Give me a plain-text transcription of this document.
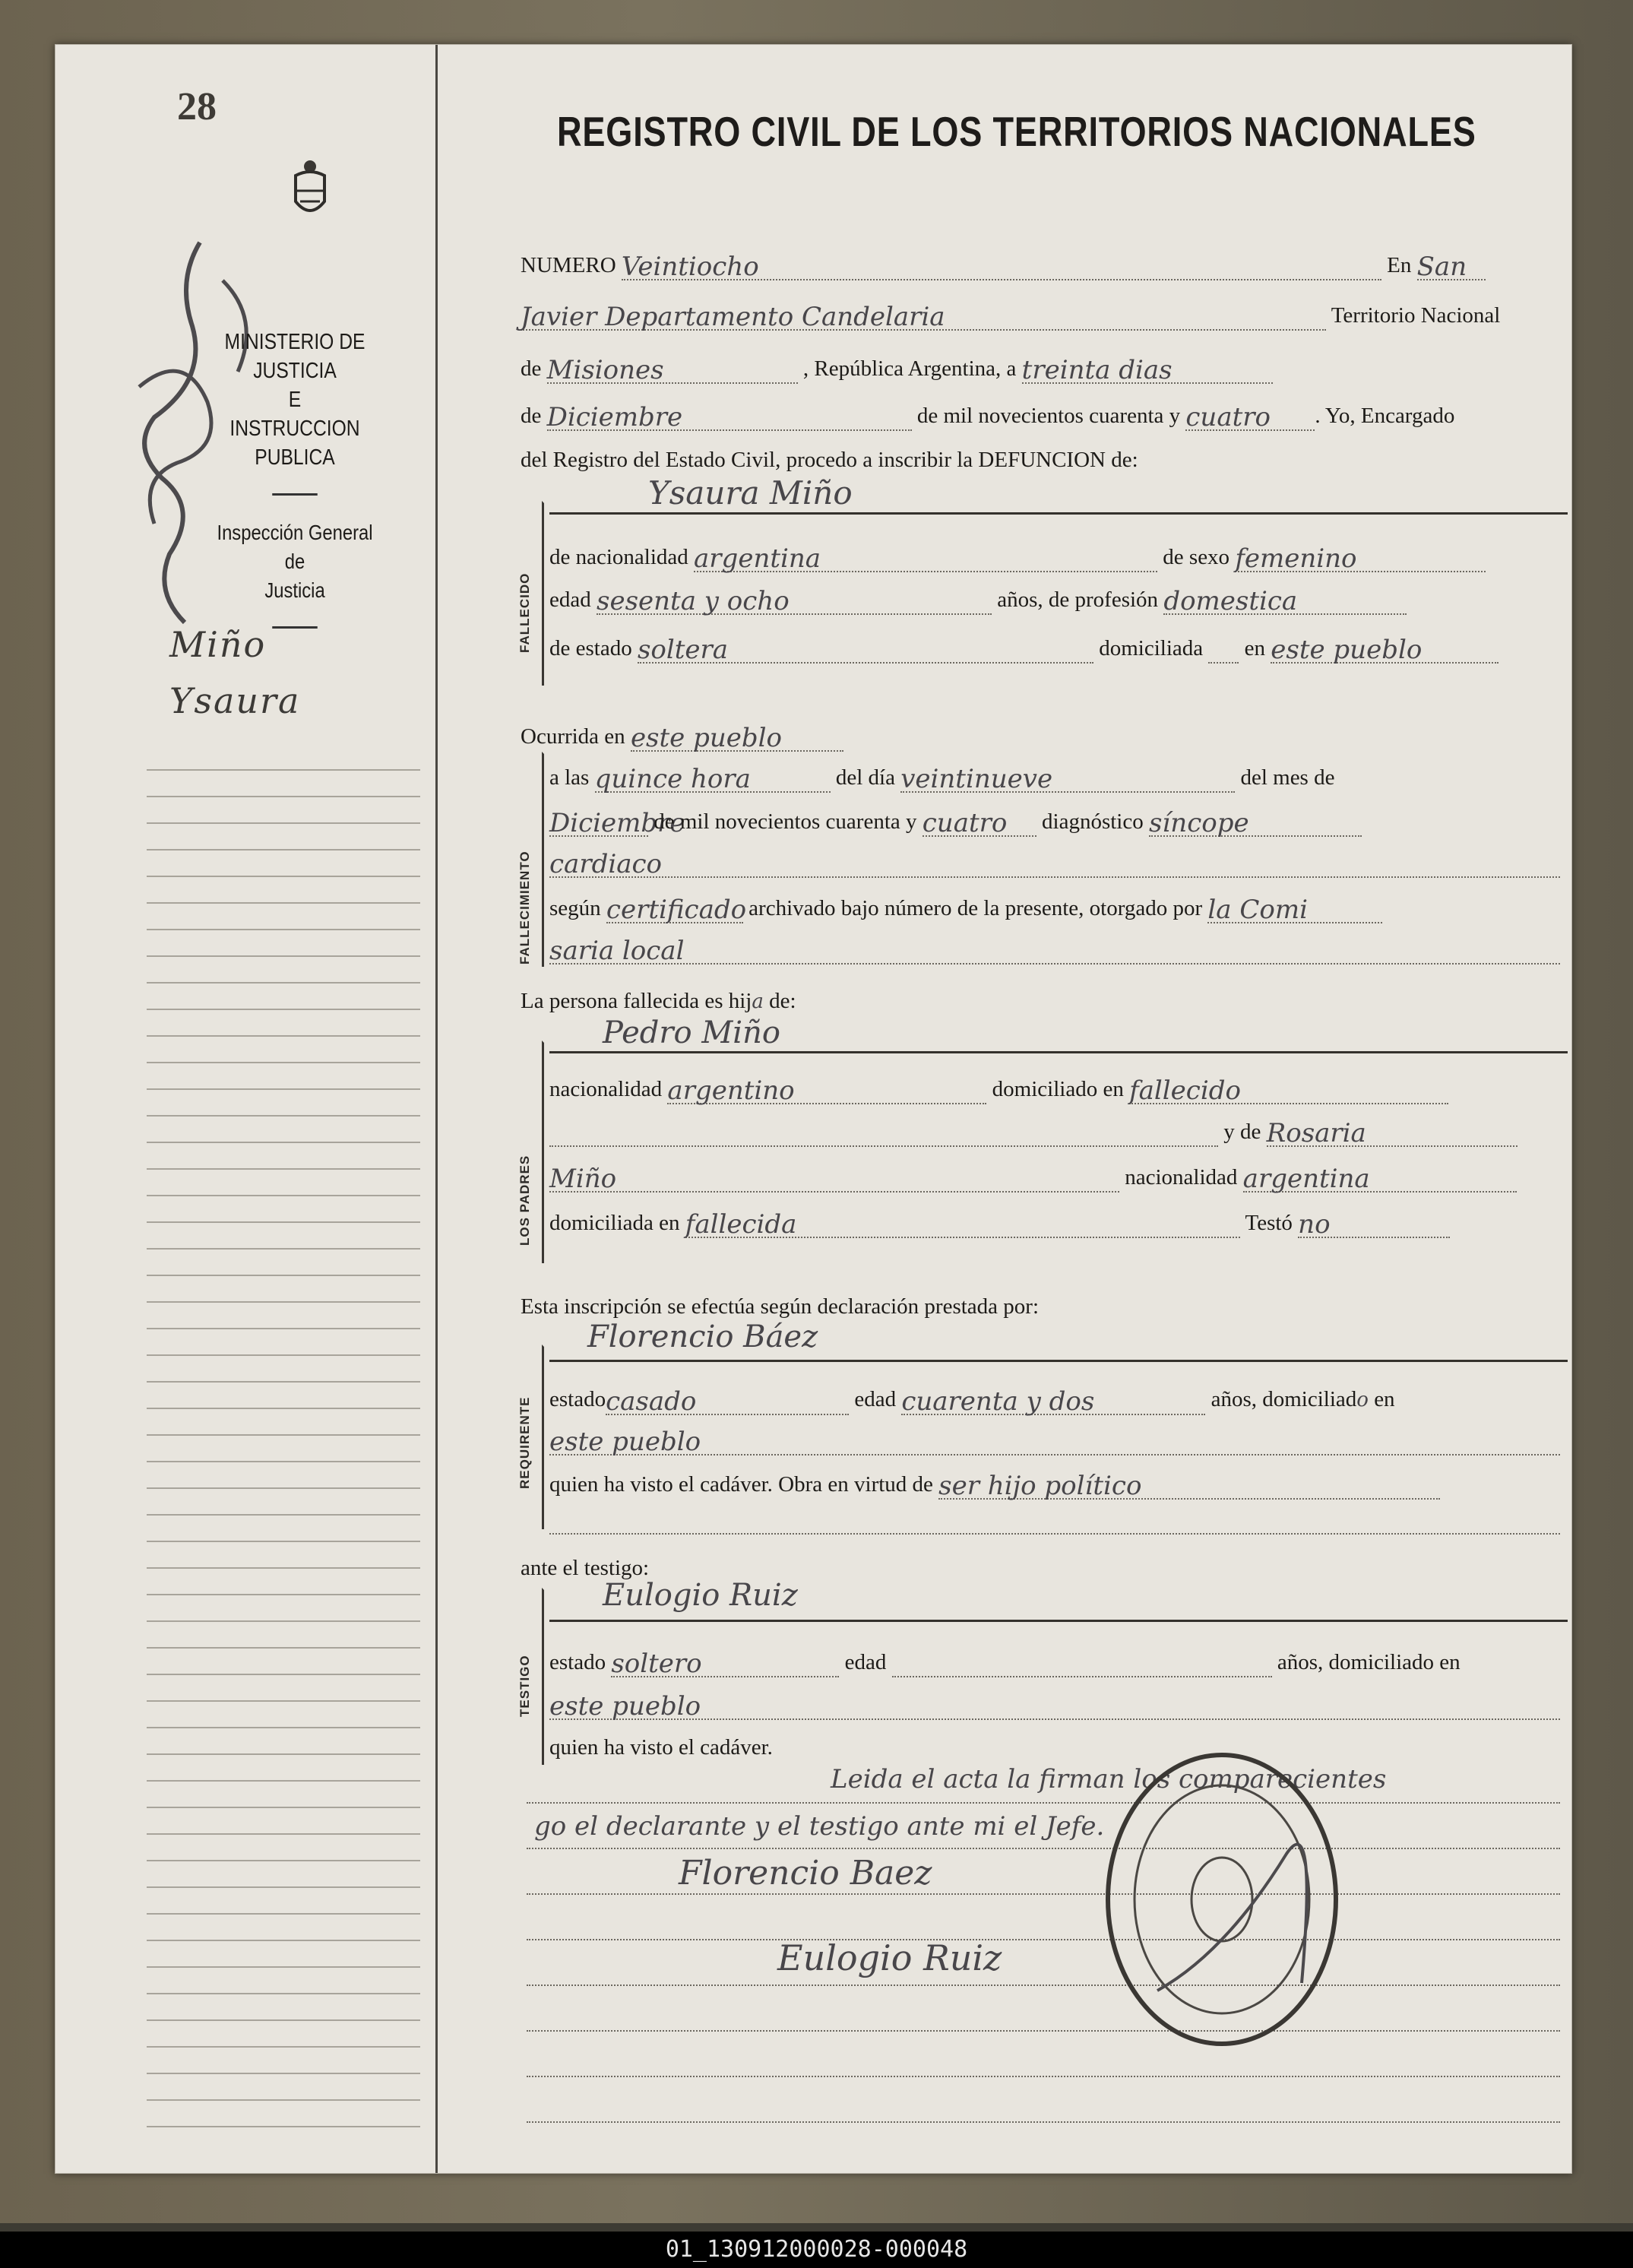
28
MINISTERIO DE JUSTICIA
E
INSTRUCCION PUBLICA
Inspección General
de
Justicia
Miño
Ysaura
REGISTRO CIVIL DE LOS TERRITORIOS NACIONALES
NUMERO Veintiocho	En San
Javier Departamento Candelaria	Territorio Nacional
de Misiones	, República Argentina, a treinta dias
de Diciembre	de mil novecientos cuarenta y cuatro . Yo, Encargado
del Registro del Estado Civil, procedo a inscribir la DEFUNCION de:
FALLECIDO
Ysaura Miño
de nacionalidad argentina	de sexo femenino
edad sesenta y ocho	años, de profesión domestica
de estado soltera	domiciliada en este pueblo
Ocurrida en este pueblo
FALLECIMIENTO
a las quince hora	del día veintinueve	del mes de
Diciembre de mil novecientos cuarenta y cuatro diagnóstico síncope
cardiaco
según certificado archivado bajo número de la presente, otorgado por la Comi
saria local
La persona fallecida es hija de:
LOS PADRES
Pedro Miño
nacionalidad argentino	domiciliado en fallecido
y de Rosaria
Miño	nacionalidad argentina
domiciliada en fallecida	Testó no
Esta inscripción se efectúa según declaración prestada por:
REQUIRENTE
Florencio Báez
estadocasado	edad cuarenta y dos	años, domiciliado en
este pueblo
quien ha visto el cadáver. Obra en virtud de ser hijo político
ante el testigo:
TESTIGO
Eulogio Ruiz
estado soltero	edad	años, domiciliado en
este pueblo
quien ha visto el cadáver.
Leida el acta la firman los comparecientes
go el declarante y el testigo ante mi el Jefe.
Florencio Baez
Eulogio Ruiz
01_130912000028-000048
